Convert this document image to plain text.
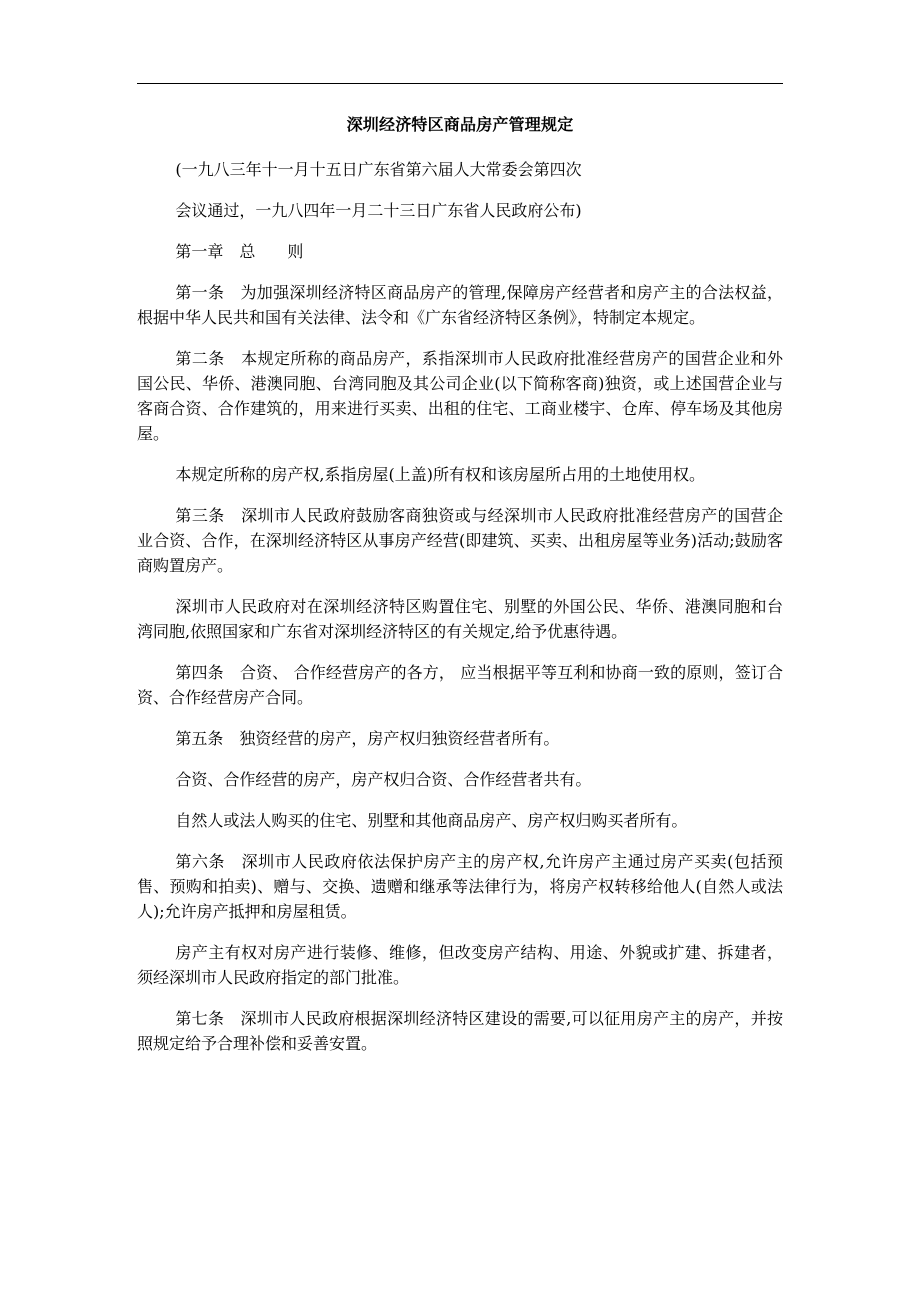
深圳经济特区商品房产管理规定

(一九八三年十一月十五日广东省第六届人大常委会第四次

会议通过，一九八四年一月二十三日广东省人民政府公布)

第一章　总　　则

第一条　为加强深圳经济特区商品房产的管理,保障房产经营者和房产主的合法权益，根据中华人民共和国有关法律、法令和《广东省经济特区条例》，特制定本规定。

第二条　本规定所称的商品房产，系指深圳市人民政府批准经营房产的国营企业和外国公民、华侨、港澳同胞、台湾同胞及其公司企业(以下简称客商)独资，或上述国营企业与客商合资、合作建筑的，用来进行买卖、出租的住宅、工商业楼宇、仓库、停车场及其他房屋。

本规定所称的房产权,系指房屋(上盖)所有权和该房屋所占用的土地使用权。

第三条　深圳市人民政府鼓励客商独资或与经深圳市人民政府批准经营房产的国营企业合资、合作，在深圳经济特区从事房产经营(即建筑、买卖、出租房屋等业务)活动;鼓励客商购置房产。

深圳市人民政府对在深圳经济特区购置住宅、别墅的外国公民、华侨、港澳同胞和台湾同胞,依照国家和广东省对深圳经济特区的有关规定,给予优惠待遇。

第四条　合资、 合作经营房产的各方， 应当根据平等互利和协商一致的原则，签订合资、合作经营房产合同。

第五条　独资经营的房产，房产权归独资经营者所有。

合资、合作经营的房产，房产权归合资、合作经营者共有。

自然人或法人购买的住宅、别墅和其他商品房产、房产权归购买者所有。

第六条　深圳市人民政府依法保护房产主的房产权,允许房产主通过房产买卖(包括预售、预购和拍卖)、赠与、交换、遗赠和继承等法律行为，将房产权转移给他人(自然人或法人);允许房产抵押和房屋租赁。

房产主有权对房产进行装修、维修，但改变房产结构、用途、外貌或扩建、拆建者，须经深圳市人民政府指定的部门批准。

第七条　深圳市人民政府根据深圳经济特区建设的需要,可以征用房产主的房产，并按照规定给予合理补偿和妥善安置。
